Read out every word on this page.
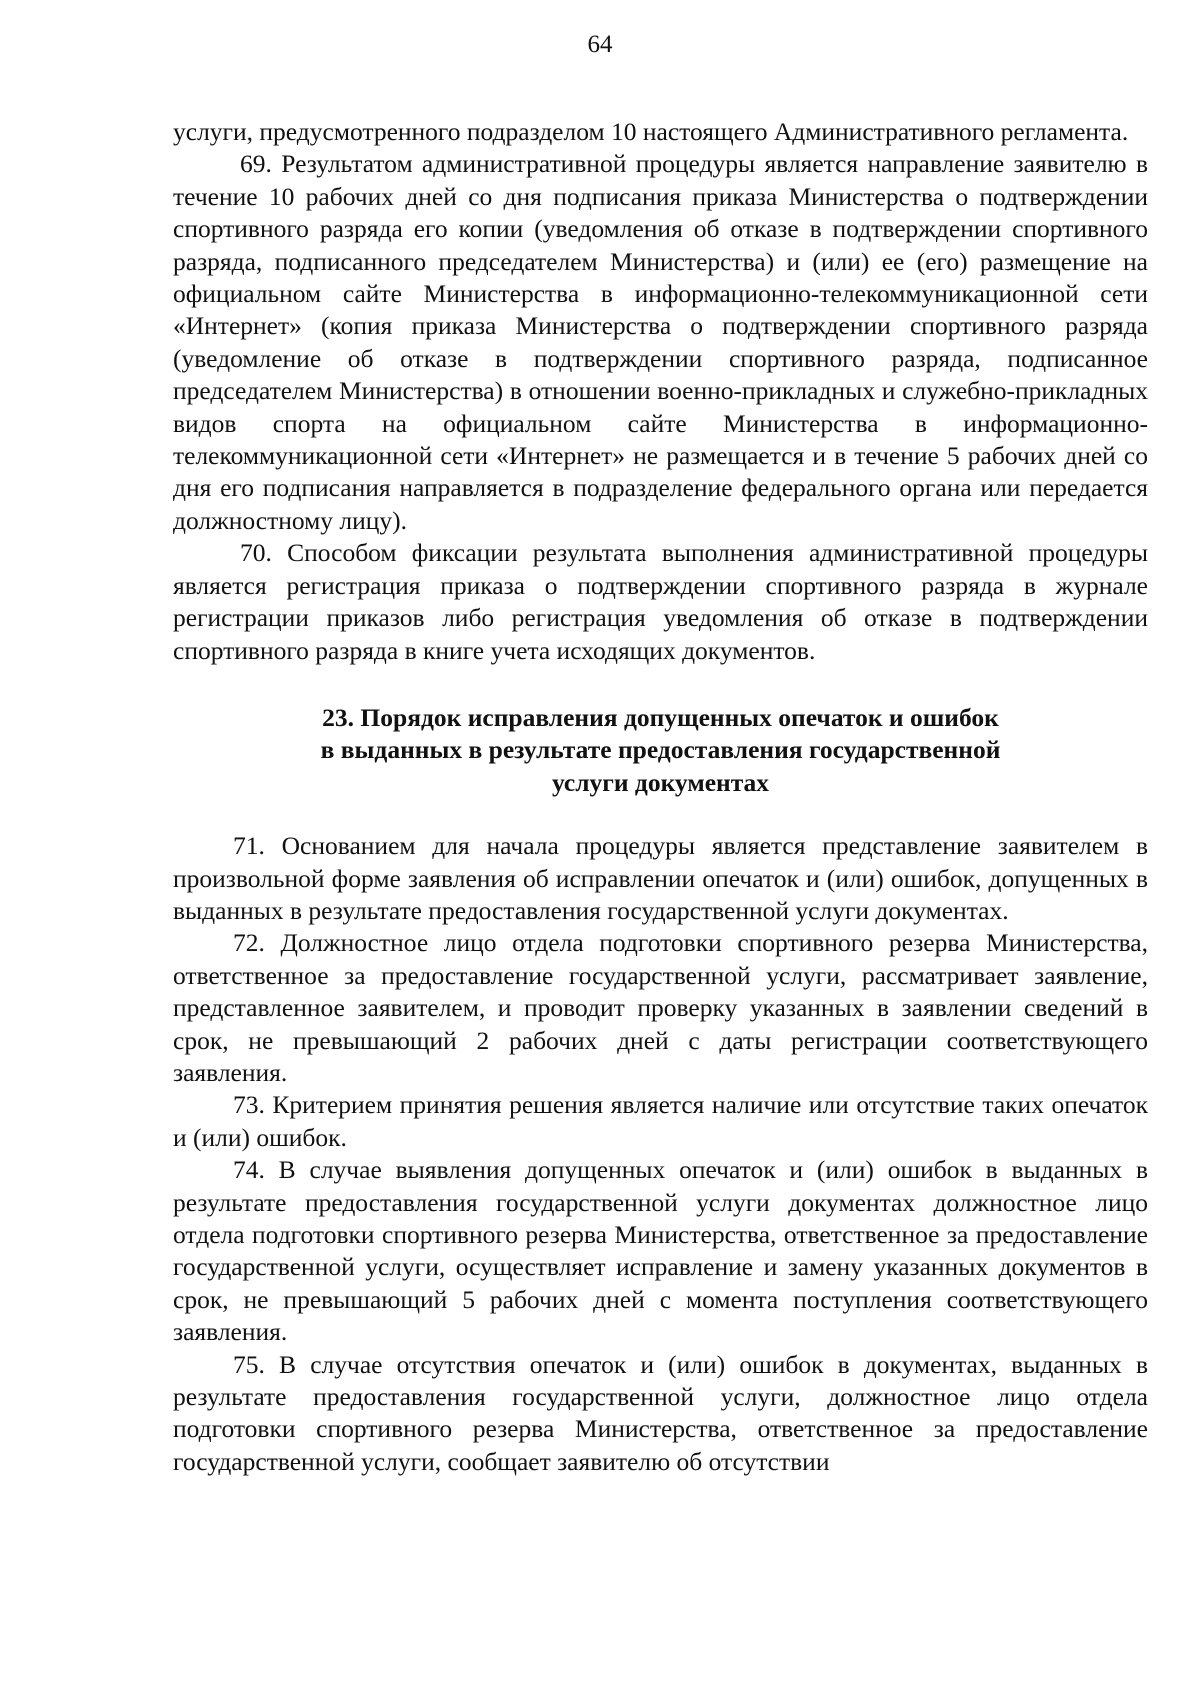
64

услуги, предусмотренного подразделом 10 настоящего Административного регламента.

69. Результатом административной процедуры является направление заявителю в течение 10 рабочих дней со дня подписания приказа Министерства о подтверждении спортивного разряда его копии (уведомления об отказе в подтверждении спортивного разряда, подписанного председателем Министерства) и (или) ее (его) размещение на официальном сайте Министерства в информационно-телекоммуникационной сети «Интернет» (копия приказа Министерства о подтверждении спортивного разряда (уведомление об отказе в подтверждении спортивного разряда, подписанное председателем Министерства) в отношении военно-прикладных и служебно-прикладных видов спорта на официальном сайте Министерства в информационно-телекоммуникационной сети «Интернет» не размещается и в течение 5 рабочих дней со дня его подписания направляется в подразделение федерального органа или передается должностному лицу).

70. Способом фиксации результата выполнения административной процедуры является регистрация приказа о подтверждении спортивного разряда в журнале регистрации приказов либо регистрация уведомления об отказе в подтверждении спортивного разряда в книге учета исходящих документов.

23. Порядок исправления допущенных опечаток и ошибок
в выданных в результате предоставления государственной
услуги документах

71. Основанием для начала процедуры является представление заявителем в произвольной форме заявления об исправлении опечаток и (или) ошибок, допущенных в выданных в результате предоставления государственной услуги документах.

72. Должностное лицо отдела подготовки спортивного резерва Министерства, ответственное за предоставление государственной услуги, рассматривает заявление, представленное заявителем, и проводит проверку указанных в заявлении сведений в срок, не превышающий 2 рабочих дней с даты регистрации соответствующего заявления.

73. Критерием принятия решения является наличие или отсутствие таких опечаток и (или) ошибок.

74. В случае выявления допущенных опечаток и (или) ошибок в выданных в результате предоставления государственной услуги документах должностное лицо отдела подготовки спортивного резерва Министерства, ответственное за предоставление государственной услуги, осуществляет исправление и замену указанных документов в срок, не превышающий 5 рабочих дней с момента поступления соответствующего заявления.

75. В случае отсутствия опечаток и (или) ошибок в документах, выданных в результате предоставления государственной услуги, должностное лицо отдела подготовки спортивного резерва Министерства, ответственное за предоставление государственной услуги, сообщает заявителю об отсутствии
